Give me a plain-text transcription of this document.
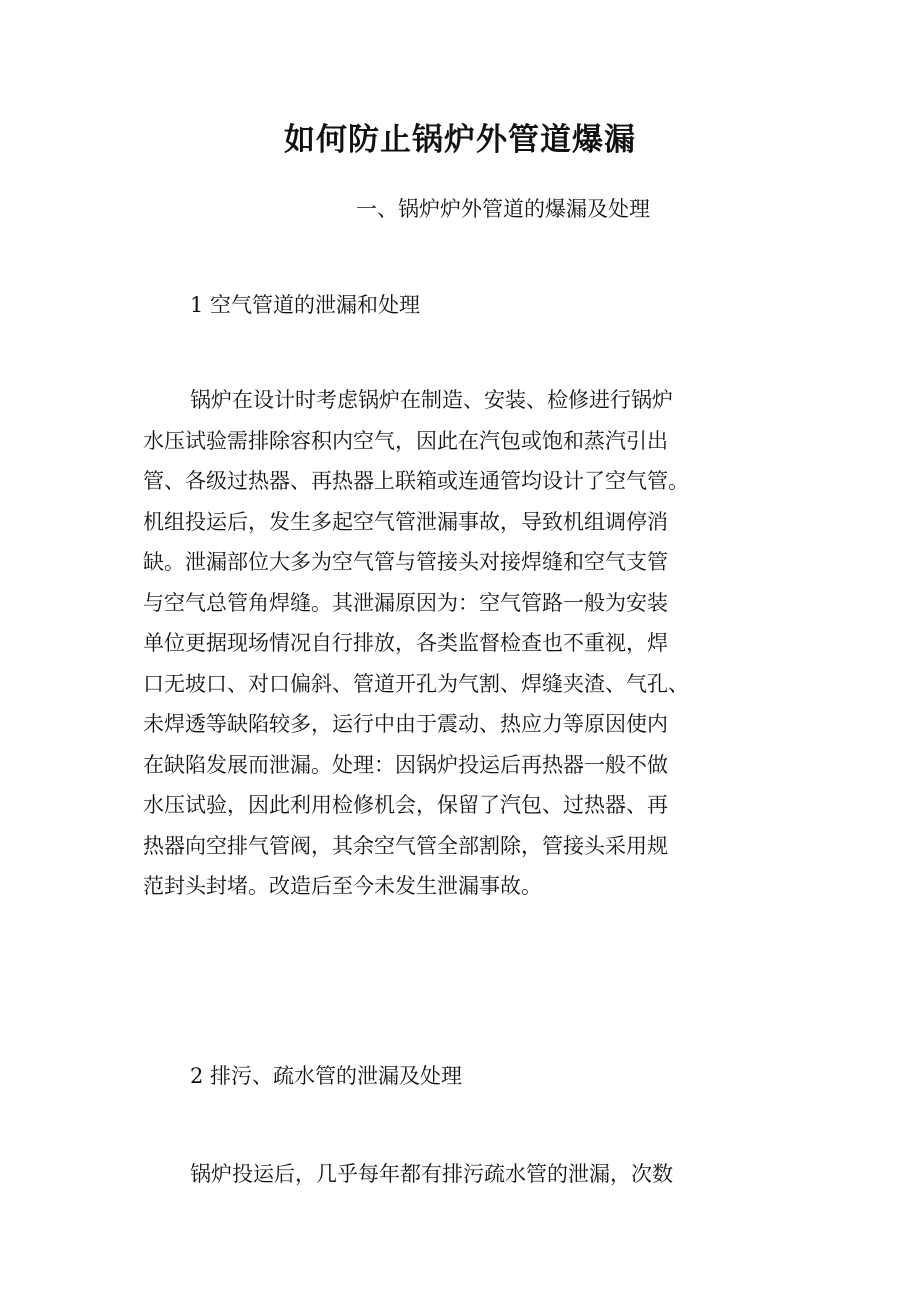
如何防止锅炉外管道爆漏
一、锅炉炉外管道的爆漏及处理
1 空气管道的泄漏和处理
锅炉在设计时考虑锅炉在制造、安装、检修进行锅炉
水压试验需排除容积内空气，因此在汽包或饱和蒸汽引出
管、各级过热器、再热器上联箱或连通管均设计了空气管。
机组投运后，发生多起空气管泄漏事故，导致机组调停消
缺。泄漏部位大多为空气管与管接头对接焊缝和空气支管
与空气总管角焊缝。其泄漏原因为：空气管路一般为安装
单位更据现场情况自行排放，各类监督检查也不重视，焊
口无坡口、对口偏斜、管道开孔为气割、焊缝夹渣、气孔、
未焊透等缺陷较多，运行中由于震动、热应力等原因使内
在缺陷发展而泄漏。处理：因锅炉投运后再热器一般不做
水压试验，因此利用检修机会，保留了汽包、过热器、再
热器向空排气管阀，其余空气管全部割除，管接头采用规
范封头封堵。改造后至今未发生泄漏事故。
2 排污、疏水管的泄漏及处理
锅炉投运后，几乎每年都有排污疏水管的泄漏，次数
